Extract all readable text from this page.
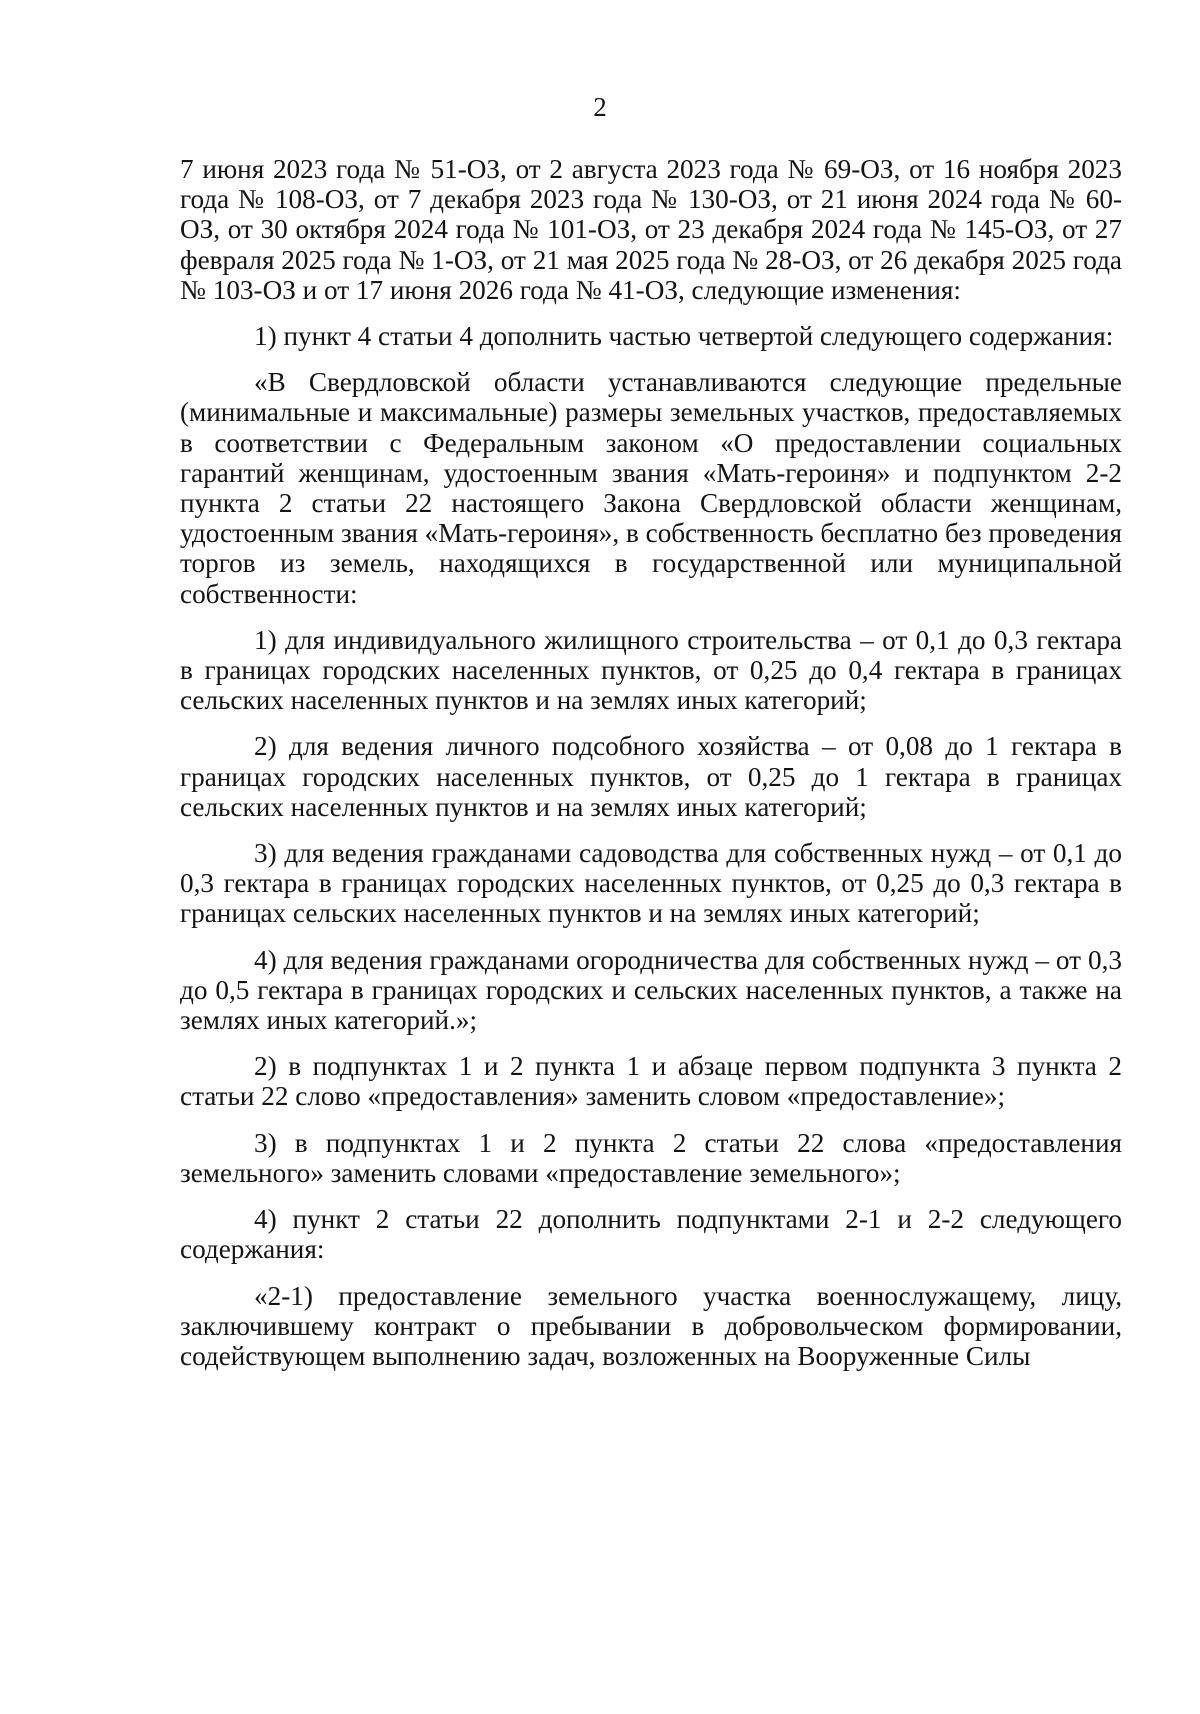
2

7 июня 2023 года № 51-ОЗ, от 2 августа 2023 года № 69-ОЗ, от 16 ноября 2023 года № 108-ОЗ, от 7 декабря 2023 года № 130-ОЗ, от 21 июня 2024 года № 60-ОЗ, от 30 октября 2024 года № 101-ОЗ, от 23 декабря 2024 года № 145-ОЗ, от 27 февраля 2025 года № 1-ОЗ, от 21 мая 2025 года № 28-ОЗ, от 26 декабря 2025 года № 103-ОЗ и от 17 июня 2026 года № 41-ОЗ, следующие изменения:

1) пункт 4 статьи 4 дополнить частью четвертой следующего содержания:

«В Свердловской области устанавливаются следующие предельные (минимальные и максимальные) размеры земельных участков, предоставляемых в соответствии с Федеральным законом «О предоставлении социальных гарантий женщинам, удостоенным звания «Мать-героиня» и подпунктом 2-2 пункта 2 статьи 22 настоящего Закона Свердловской области женщинам, удостоенным звания «Мать-героиня», в собственность бесплатно без проведения торгов из земель, находящихся в государственной или муниципальной собственности:

1) для индивидуального жилищного строительства – от 0,1 до 0,3 гектара в границах городских населенных пунктов, от 0,25 до 0,4 гектара в границах сельских населенных пунктов и на землях иных категорий;

2) для ведения личного подсобного хозяйства – от 0,08 до 1 гектара в границах городских населенных пунктов, от 0,25 до 1 гектара в границах сельских населенных пунктов и на землях иных категорий;

3) для ведения гражданами садоводства для собственных нужд – от 0,1 до 0,3 гектара в границах городских населенных пунктов, от 0,25 до 0,3 гектара в границах сельских населенных пунктов и на землях иных категорий;

4) для ведения гражданами огородничества для собственных нужд – от 0,3 до 0,5 гектара в границах городских и сельских населенных пунктов, а также на землях иных категорий.»;

2) в подпунктах 1 и 2 пункта 1 и абзаце первом подпункта 3 пункта 2 статьи 22 слово «предоставления» заменить словом «предоставление»;

3) в подпунктах 1 и 2 пункта 2 статьи 22 слова «предоставления земельного» заменить словами «предоставление земельного»;

4) пункт 2 статьи 22 дополнить подпунктами 2-1 и 2-2 следующего содержания:

«2-1) предоставление земельного участка военнослужащему, лицу, заключившему контракт о пребывании в добровольческом формировании, содействующем выполнению задач, возложенных на Вооруженные Силы
